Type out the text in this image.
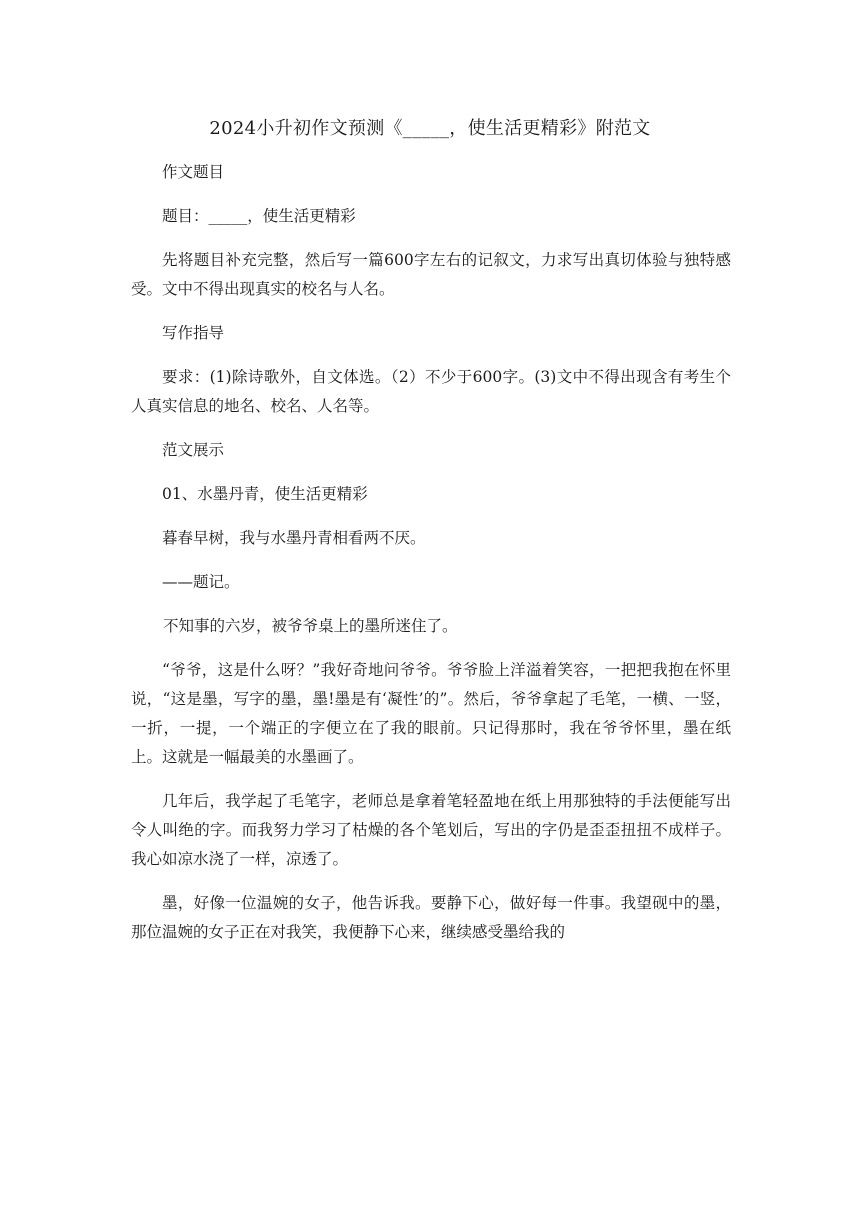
2024小升初作文预测《_____，使生活更精彩》附范文

作文题目

题目：_____，使生活更精彩

先将题目补充完整，然后写一篇600字左右的记叙文，力求写出真切体验与独特感受。文中不得出现真实的校名与人名。

写作指导

要求：(1)除诗歌外，自文体选。（2）不少于600字。(3)文中不得出现含有考生个人真实信息的地名、校名、人名等。

范文展示

01、水墨丹青，使生活更精彩

暮春早树，我与水墨丹青相看两不厌。

——题记。

不知事的六岁，被爷爷桌上的墨所迷住了。

“爷爷，这是什么呀？”我好奇地问爷爷。爷爷脸上洋溢着笑容，一把把我抱在怀里说，“这是墨，写字的墨，墨!墨是有‘凝性’的”。然后，爷爷拿起了毛笔，一横、一竖，一折，一提，一个端正的字便立在了我的眼前。只记得那时，我在爷爷怀里，墨在纸上。这就是一幅最美的水墨画了。

几年后，我学起了毛笔字，老师总是拿着笔轻盈地在纸上用那独特的手法便能写出令人叫绝的字。而我努力学习了枯燥的各个笔划后，写出的字仍是歪歪扭扭不成样子。我心如凉水浇了一样，凉透了。

墨，好像一位温婉的女子，他告诉我。要静下心，做好每一件事。我望砚中的墨，那位温婉的女子正在对我笑，我便静下心来，继续感受墨给我的
